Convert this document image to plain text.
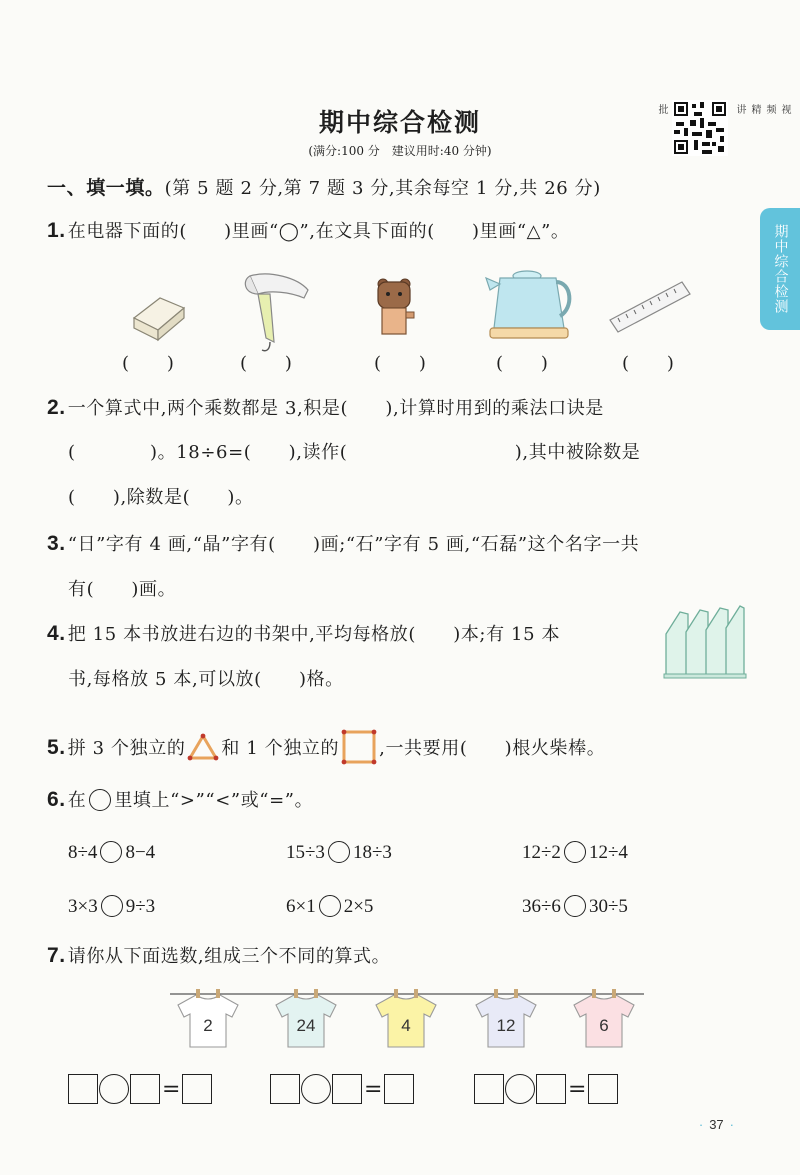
期中综合检测
(满分:100 分　建议用时:40 分钟)
批	视频精讲
期中综合检测
一、填一填。(第 5 题 2 分,第 7 题 3 分,其余每空 1 分,共 26 分)
1. 在电器下面的(　　)里画“◯”,在文具下面的(　　)里画“△”。
(　　)	(　　)	(　　)	(　　)	(　　)
2. 一个算式中,两个乘数都是 3,积是(　　),计算时用到的乘法口诀是
(　　　　)。18÷6=(　　),读作(　　　　　　　　　),其中被除数是
(　　),除数是(　　)。
3. “日”字有 4 画,“晶”字有(　　)画;“石”字有 5 画,“石磊”这个名字一共
有(　　)画。
4. 把 15 本书放进右边的书架中,平均每格放(　　)本;有 15 本
书,每格放 5 本,可以放(　　)格。
5. 拼 3 个独立的 和 1 个独立的 ,一共要用(　　)根火柴棒。
6. 在 里填上“>”“<”或“=”。
8÷4 8−4	15÷3 18÷3	12÷2 12÷4
3×3 9÷3	6×1 2×5	36÷6 30÷5
7. 请你从下面选数,组成三个不同的算式。
2	24	4	12	6
=	=	=
· 37 ·
